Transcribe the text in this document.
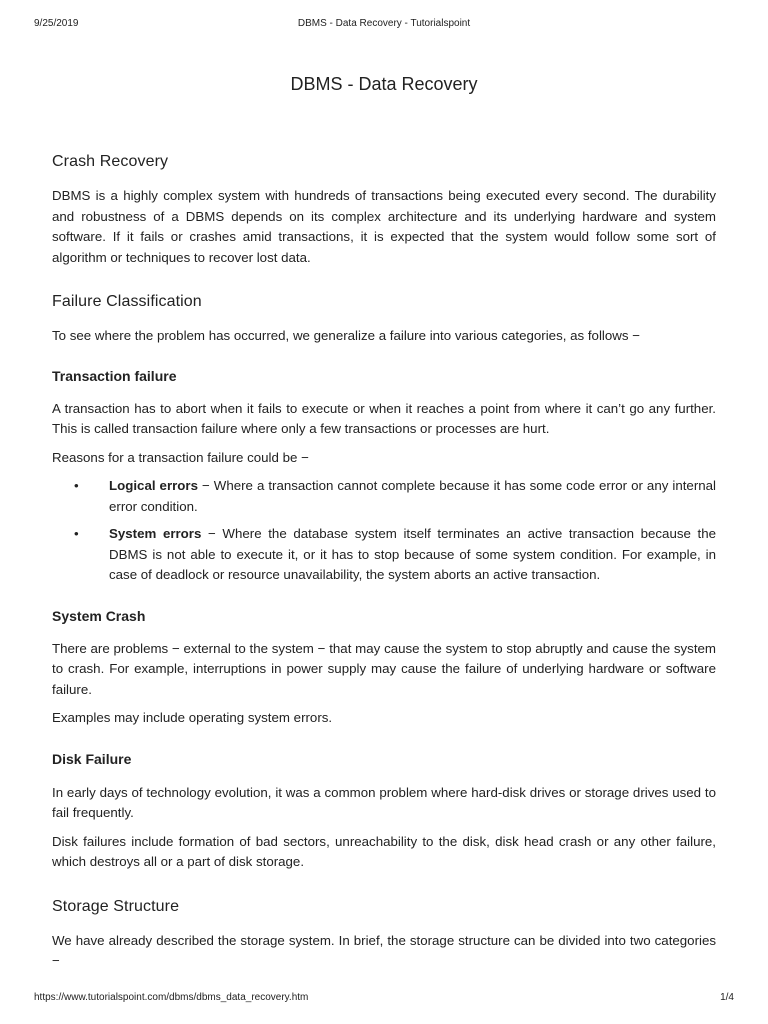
9/25/2019	DBMS - Data Recovery - Tutorialspoint
DBMS - Data Recovery
Crash Recovery

DBMS is a highly complex system with hundreds of transactions being executed every second. The durability and robustness of a DBMS depends on its complex architecture and its underlying hardware and system software. If it fails or crashes amid transactions, it is expected that the system would follow some sort of algorithm or techniques to recover lost data.

Failure Classification

To see where the problem has occurred, we generalize a failure into various categories, as follows −

Transaction failure

A transaction has to abort when it fails to execute or when it reaches a point from where it can’t go any further. This is called transaction failure where only a few transactions or processes are hurt.

Reasons for a transaction failure could be −

• Logical errors − Where a transaction cannot complete because it has some code error or any internal error condition.
• System errors − Where the database system itself terminates an active transaction because the DBMS is not able to execute it, or it has to stop because of some system condition. For example, in case of deadlock or resource unavailability, the system aborts an active transaction.
System Crash

There are problems − external to the system − that may cause the system to stop abruptly and cause the system to crash. For example, interruptions in power supply may cause the failure of underlying hardware or software failure.

Examples may include operating system errors.

Disk Failure

In early days of technology evolution, it was a common problem where hard-disk drives or storage drives used to fail frequently.

Disk failures include formation of bad sectors, unreachability to the disk, disk head crash or any other failure, which destroys all or a part of disk storage.

Storage Structure

We have already described the storage system. In brief, the storage structure can be divided into two categories −

https://www.tutorialspoint.com/dbms/dbms_data_recovery.htm	1/4
